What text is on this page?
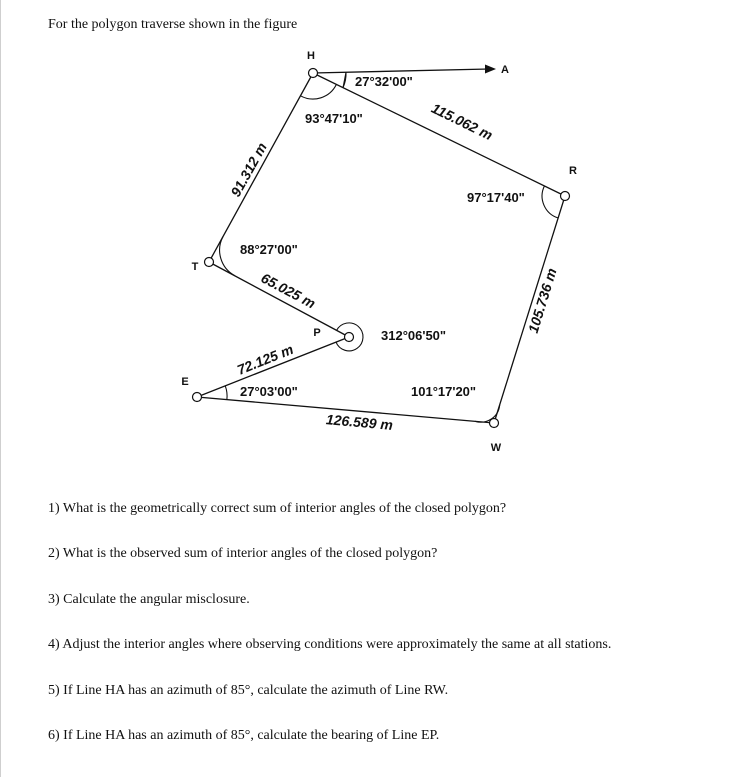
For the polygon traverse shown in the figure
H
A
R
T
P
E
W
115.062 m
91.312 m
105.736 m
65.025 m
72.125 m
126.589 m
27°32'00"
93°47'10"
97°17'40"
88°27'00"
312°06'50"
27°03'00"	101°17'20"
1) What is the geometrically correct sum of interior angles of the closed polygon?
2) What is the observed sum of interior angles of the closed polygon?
3) Calculate the angular misclosure.
4) Adjust the interior angles where observing conditions were approximately the same at all stations.
5) If Line HA has an azimuth of 85°, calculate the azimuth of Line RW.
6) If Line HA has an azimuth of 85°, calculate the bearing of Line EP.
